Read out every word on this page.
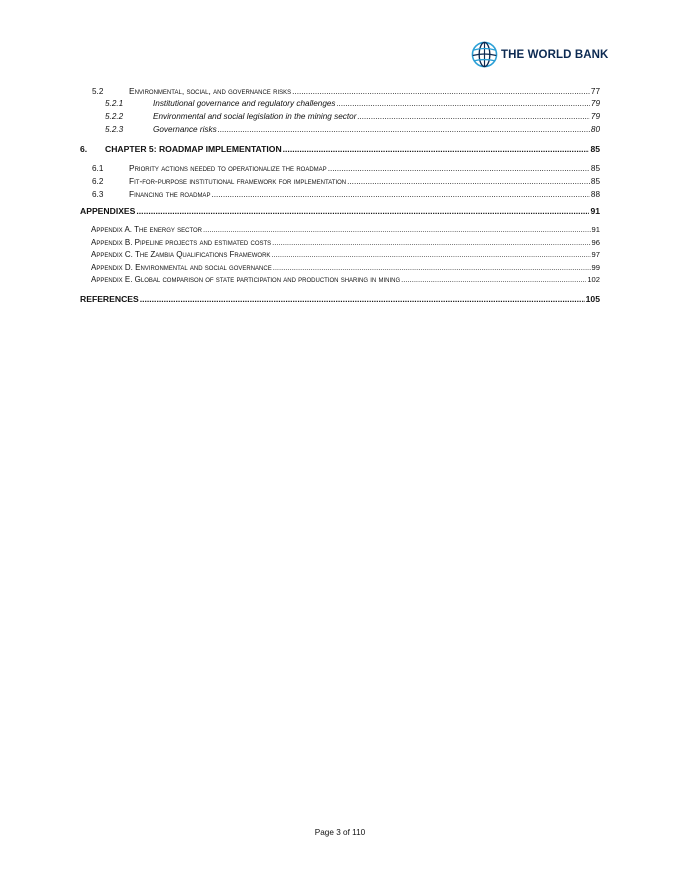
THE WORLD BANK
5.2	Environmental, social, and governance risks .....	77
5.2.1	Institutional governance and regulatory challenges .....	79
5.2.2	Environmental and social legislation in the mining sector .....	79
5.2.3	Governance risks .....	80
6.	CHAPTER 5: ROADMAP IMPLEMENTATION .....	85
6.1	Priority actions needed to operationalize the roadmap .....	85
6.2	Fit-for-purpose institutional framework for implementation .....	85
6.3	Financing the roadmap .....	88
APPENDIXES .....	91
Appendix A. The energy sector .....	91
Appendix B. Pipeline projects and estimated costs .....	96
Appendix C. The Zambia Qualifications Framework .....	97
Appendix D. Environmental and social governance .....	99
Appendix E. Global comparison of state participation and production sharing in mining .....	102
REFERENCES .....	105
Page 3 of 110
